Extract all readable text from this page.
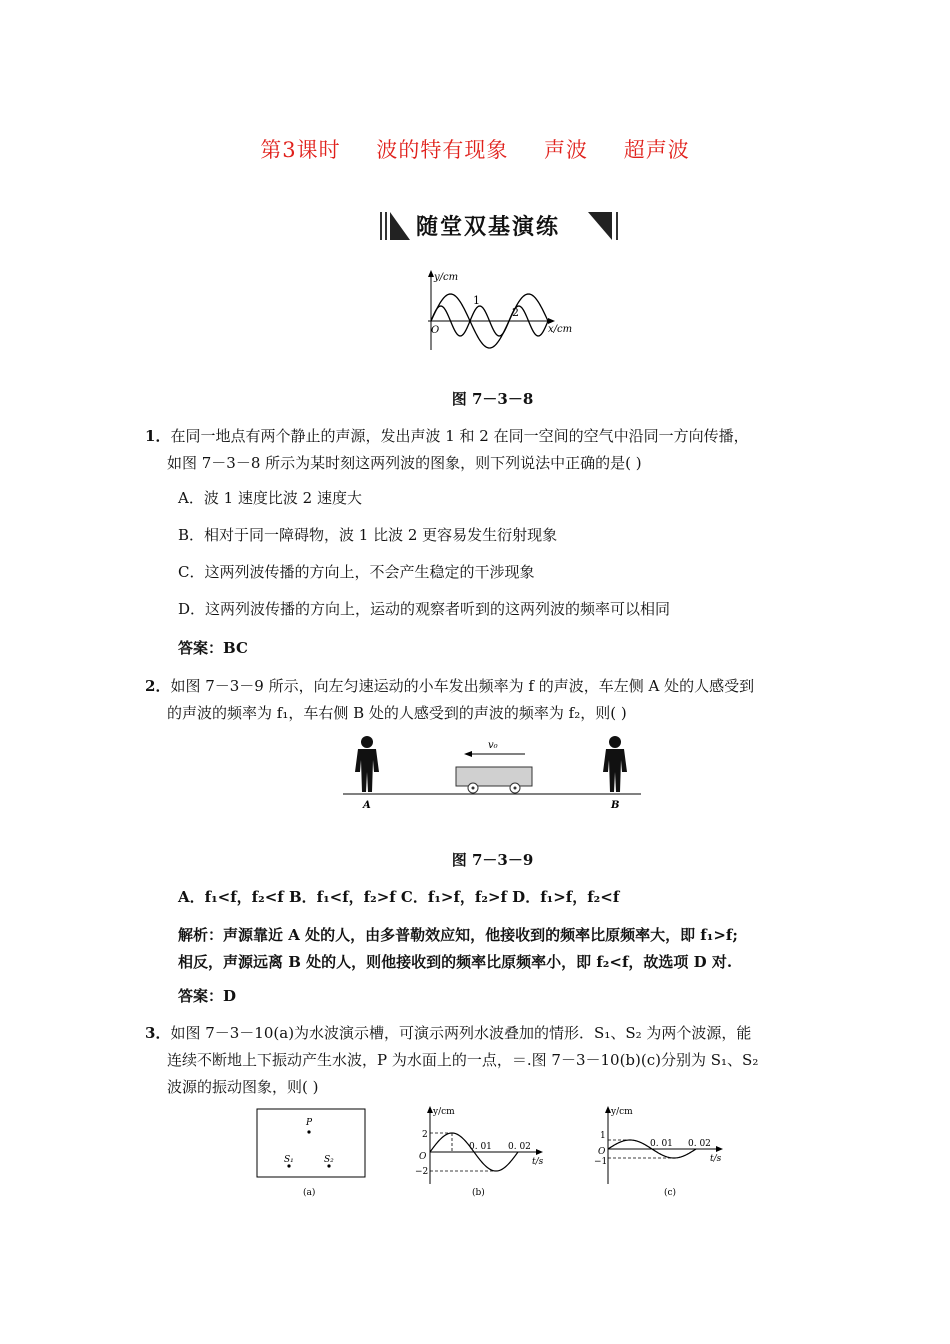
第3课时 波的特有现象 声波 超声波
随堂双基演练
y/cm
O
1
2
x/cm
图 7－3－8
1．在同一地点有两个静止的声源，发出声波 1 和 2 在同一空间的空气中沿同一方向传播，
如图 7－3－8 所示为某时刻这两列波的图象，则下列说法中正确的是( )
A．波 1 速度比波 2 速度大
B．相对于同一障碍物，波 1 比波 2 更容易发生衍射现象
C．这两列波传播的方向上，不会产生稳定的干涉现象
D．这两列波传播的方向上，运动的观察者听到的这两列波的频率可以相同
答案：BC
2．如图 7－3－9 所示，向左匀速运动的小车发出频率为 f 的声波，车左侧 A 处的人感受到
的声波的频率为 f₁，车右侧 B 处的人感受到的声波的频率为 f₂，则( )
v₀
A	B
图 7－3－9
A．f₁<f，f₂<f B．f₁<f，f₂>f C．f₁>f，f₂>f D．f₁>f，f₂<f
解析：声源靠近 A 处的人，由多普勒效应知，他接收到的频率比原频率大，即 f₁>f;
相反，声源远离 B 处的人，则他接收到的频率比原频率小，即 f₂<f，故选项 D 对.
答案：D
3．如图 7－3－10(a)为水波演示槽，可演示两列水波叠加的情形．S₁、S₂ 为两个波源，能
连续不断地上下振动产生水波，P 为水面上的一点，＝.图 7－3－10(b)(c)分别为 S₁、S₂
波源的振动图象，则( )
P
S₁	S₂
(a)
y/cm
2
O
−2
0. 01 0. 02
t/s
(b)
y/cm
1
O
−1
0. 01 0. 02
t/s
(c)
